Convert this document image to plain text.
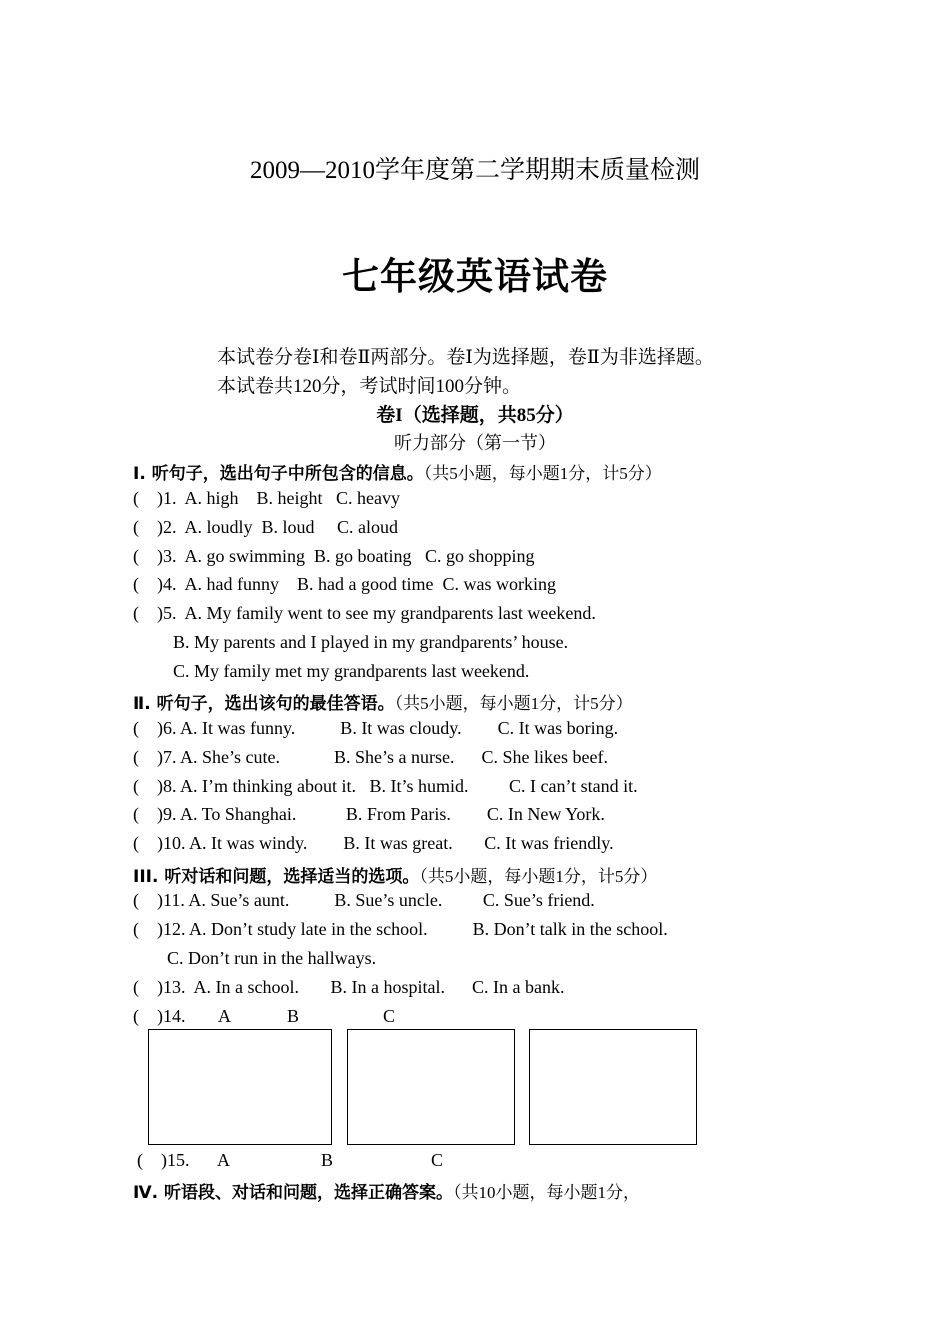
2009—2010学年度第二学期期末质量检测
七年级英语试卷
本试卷分卷Ⅰ和卷Ⅱ两部分。卷Ⅰ为选择题，卷Ⅱ为非选择题。
本试卷共120分，考试时间100分钟。
卷I（选择题，共85分）
听力部分（第一节）
Ⅰ. 听句子，选出句子中所包含的信息。（共5小题，每小题1分，计5分）
(    )1.  A. high    B. height   C. heavy
(    )2.  A. loudly  B. loud     C. aloud
(    )3.  A. go swimming  B. go boating   C. go shopping
(    )4.  A. had funny    B. had a good time  C. was working
(    )5.  A. My family went to see my grandparents last weekend.
B. My parents and I played in my grandparents’ house.
C. My family met my grandparents last weekend.
Ⅱ. 听句子，选出该句的最佳答语。（共5小题，每小题1分，计5分）
(    )6. A. It was funny.          B. It was cloudy.        C. It was boring.
(    )7. A. She’s cute.            B. She’s a nurse.      C. She likes beef.
(    )8. A. I’m thinking about it.   B. It’s humid.         C. I can’t stand it.
(    )9. A. To Shanghai.           B. From Paris.        C. In New York.
(    )10. A. It was windy.        B. It was great.       C. It was friendly.
III. 听对话和问题，选择适当的选项。（共5小题，每小题1分，计5分）
(    )11. A. Sue’s aunt.          B. Sue’s uncle.         C. Sue’s friend.
(    )12. A. Don’t study late in the school.          B. Don’t talk in the school.
C. Don’t run in the hallways.
(    )13.  A. In a school.       B. In a hospital.      C. In a bank.
(    )14. A	B	C
(    )15. A	B	C
Ⅳ. 听语段、对话和问题，选择正确答案。（共10小题，每小题1分，
